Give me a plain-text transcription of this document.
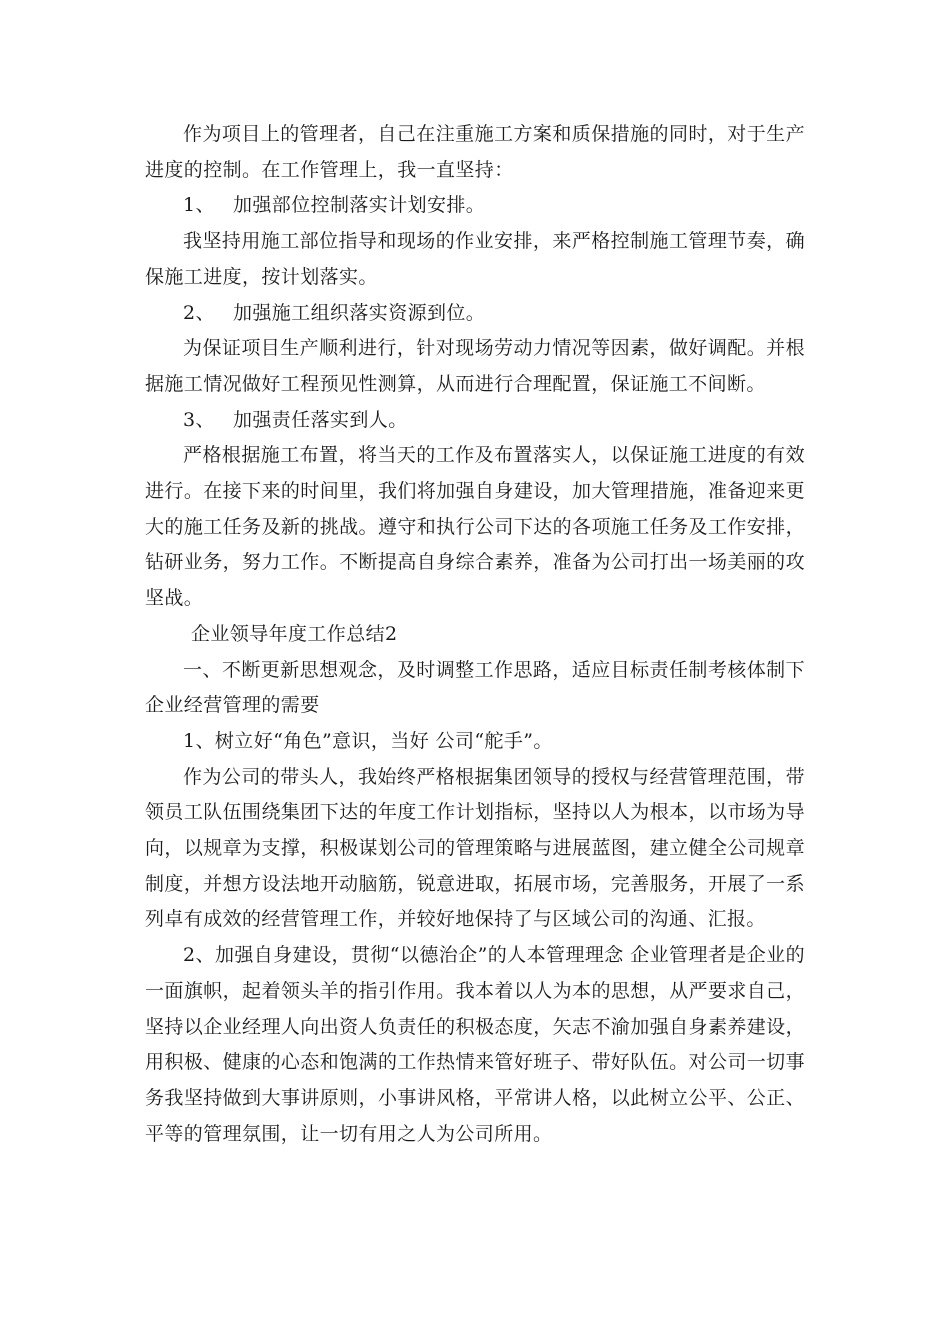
作为项目上的管理者，自己在注重施工方案和质保措施的同时，对于生产进度的控制。在工作管理上，我一直坚持：

1、 加强部位控制落实计划安排。

我坚持用施工部位指导和现场的作业安排，来严格控制施工管理节奏，确保施工进度，按计划落实。

2、 加强施工组织落实资源到位。

为保证项目生产顺利进行，针对现场劳动力情况等因素，做好调配。并根据施工情况做好工程预见性测算，从而进行合理配置，保证施工不间断。

3、 加强责任落实到人。

严格根据施工布置，将当天的工作及布置落实人，以保证施工进度的有效进行。在接下来的时间里，我们将加强自身建设，加大管理措施，准备迎来更大的施工任务及新的挑战。遵守和执行公司下达的各项施工任务及工作安排，钻研业务，努力工作。不断提高自身综合素养，准备为公司打出一场美丽的攻坚战。

企业领导年度工作总结2

一、不断更新思想观念，及时调整工作思路，适应目标责任制考核体制下企业经营管理的需要

1、树立好“角色”意识，当好 公司“舵手”。

作为公司的带头人，我始终严格根据集团领导的授权与经营管理范围，带领员工队伍围绕集团下达的年度工作计划指标，坚持以人为根本，以市场为导向，以规章为支撑，积极谋划公司的管理策略与进展蓝图，建立健全公司规章制度，并想方设法地开动脑筋，锐意进取，拓展市场，完善服务，开展了一系列卓有成效的经营管理工作，并较好地保持了与区域公司的沟通、汇报。

2、加强自身建设，贯彻“以德治企”的人本管理理念 企业管理者是企业的一面旗帜，起着领头羊的指引作用。我本着以人为本的思想，从严要求自己，坚持以企业经理人向出资人负责任的积极态度，矢志不渝加强自身素养建设，用积极、健康的心态和饱满的工作热情来管好班子、带好队伍。对公司一切事务我坚持做到大事讲原则，小事讲风格，平常讲人格，以此树立公平、公正、平等的管理氛围，让一切有用之人为公司所用。
